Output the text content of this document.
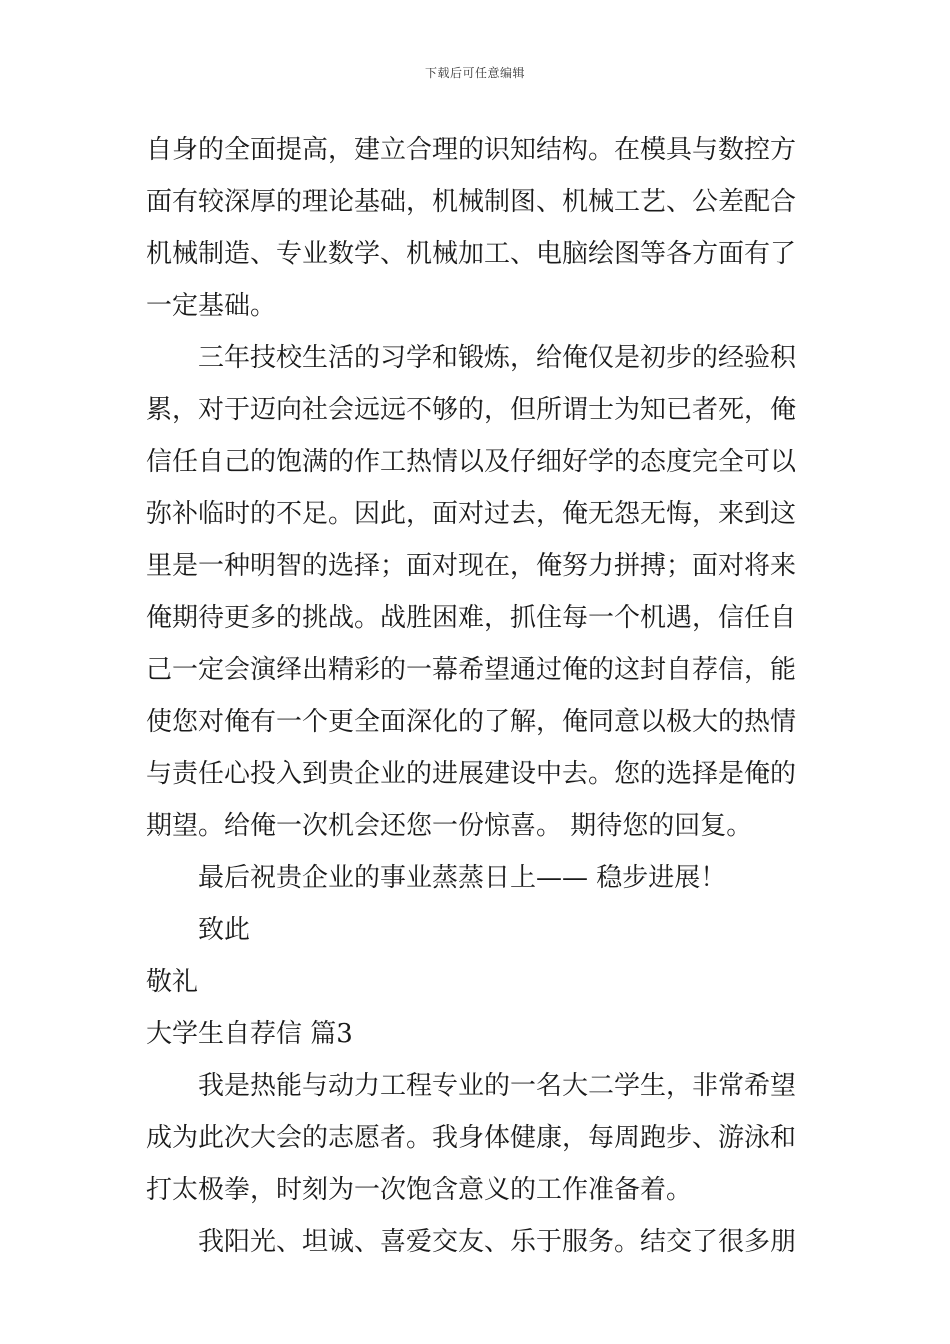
下载后可任意编辑

自身的全面提高，建立合理的识知结构。在模具与数控方

面有较深厚的理论基础，机械制图、机械工艺、公差配合

机械制造、专业数学、机械加工、电脑绘图等各方面有了

一定基础。

三年技校生活的习学和锻炼，给俺仅是初步的经验积

累，对于迈向社会远远不够的，但所谓士为知已者死，俺

信任自己的饱满的作工热情以及仔细好学的态度完全可以

弥补临时的不足。因此，面对过去，俺无怨无悔，来到这

里是一种明智的选择；面对现在，俺努力拼搏；面对将来

俺期待更多的挑战。战胜困难，抓住每一个机遇，信任自

己一定会演绎出精彩的一幕希望通过俺的这封自荐信，能

使您对俺有一个更全面深化的了解，俺同意以极大的热情

与责任心投入到贵企业的进展建设中去。您的选择是俺的

期望。给俺一次机会还您一份惊喜。 期待您的回复。

最后祝贵企业的事业蒸蒸日上—— 稳步进展！

致此

敬礼

大学生自荐信 篇3

我是热能与动力工程专业的一名大二学生，非常希望

成为此次大会的志愿者。我身体健康，每周跑步、游泳和

打太极拳，时刻为一次饱含意义的工作准备着。

我阳光、坦诚、喜爱交友、乐于服务。结交了很多朋
